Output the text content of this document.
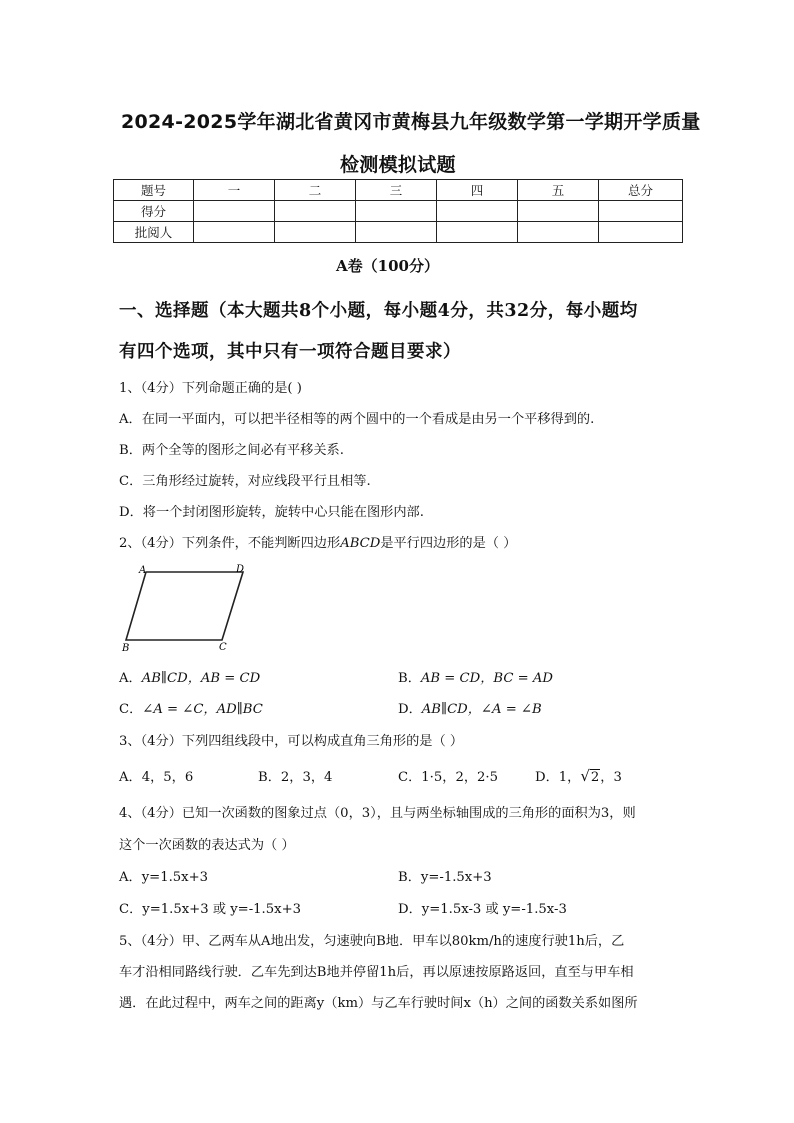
2024-2025学年湖北省黄冈市黄梅县九年级数学第一学期开学质量
检测模拟试题
题号	一	二	三	四	五	总分
得分						
批阅人						
A卷（100分）
一、选择题（本大题共8个小题，每小题4分，共32分，每小题均
有四个选项，其中只有一项符合题目要求）
1、（4分）下列命题正确的是( )
A．在同一平面内，可以把半径相等的两个圆中的一个看成是由另一个平移得到的.
B．两个全等的图形之间必有平移关系.
C．三角形经过旋转，对应线段平行且相等.
D．将一个封闭图形旋转，旋转中心只能在图形内部.
2、（4分）下列条件，不能判断四边形ABCD是平行四边形的是（ ）
A	D
B	C
A．AB∥CD，AB = CD	B．AB = CD，BC = AD
C．∠A = ∠C，AD∥BC	D．AB∥CD，∠A = ∠B
3、（4分）下列四组线段中，可以构成直角三角形的是（ ）
A．4，5，6	B．2，3，4	C．1·5，2，2·5	D．1，√2，3
4、（4分）已知一次函数的图象过点（0，3），且与两坐标轴围成的三角形的面积为3，则
这个一次函数的表达式为（ ）
A．y=1.5x+3	B．y=-1.5x+3
C．y=1.5x+3 或 y=-1.5x+3	D．y=1.5x-3 或 y=-1.5x-3
5、（4分）甲、乙两车从A地出发，匀速驶向B地．甲车以80km/h的速度行驶1h后，乙
车才沿相同路线行驶．乙车先到达B地并停留1h后，再以原速按原路返回，直至与甲车相
遇．在此过程中，两车之间的距离y（km）与乙车行驶时间x（h）之间的函数关系如图所
